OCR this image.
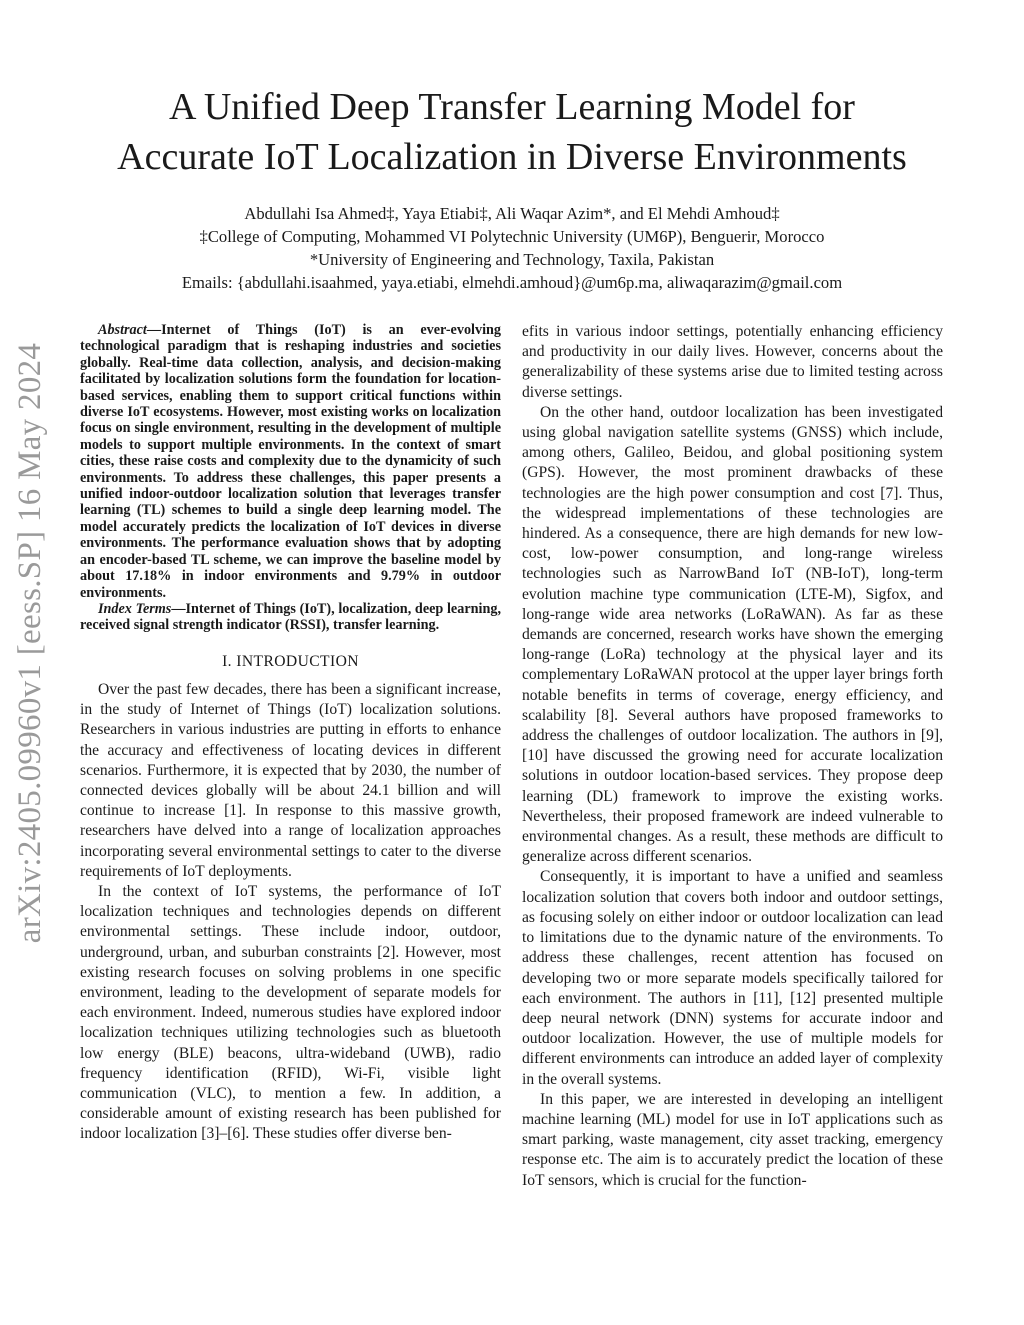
arXiv:2405.09960v1 [eess.SP] 16 May 2024
A Unified Deep Transfer Learning Model for
Accurate IoT Localization in Diverse Environments
Abdullahi Isa Ahmed‡, Yaya Etiabi‡, Ali Waqar Azim*, and El Mehdi Amhoud‡
‡College of Computing, Mohammed VI Polytechnic University (UM6P), Benguerir, Morocco
*University of Engineering and Technology, Taxila, Pakistan
Emails: {abdullahi.isaahmed, yaya.etiabi, elmehdi.amhoud}@um6p.ma, aliwaqarazim@gmail.com

Abstract—Internet of Things (IoT) is an ever-evolving technological paradigm that is reshaping industries and societies globally. Real-time data collection, analysis, and decision-making facilitated by localization solutions form the foundation for location-based services, enabling them to support critical functions within diverse IoT ecosystems. However, most existing works on localization focus on single environment, resulting in the development of multiple models to support multiple environments. In the context of smart cities, these raise costs and complexity due to the dynamicity of such environments. To address these challenges, this paper presents a unified indoor-outdoor localization solution that leverages transfer learning (TL) schemes to build a single deep learning model. The model accurately predicts the localization of IoT devices in diverse environments. The performance evaluation shows that by adopting an encoder-based TL scheme, we can improve the baseline model by about 17.18% in indoor environments and 9.79% in outdoor environments.

Index Terms—Internet of Things (IoT), localization, deep learning, received signal strength indicator (RSSI), transfer learning.

I. INTRODUCTION

Over the past few decades, there has been a significant increase, in the study of Internet of Things (IoT) localization solutions. Researchers in various industries are putting in efforts to enhance the accuracy and effectiveness of locating devices in different scenarios. Furthermore, it is expected that by 2030, the number of connected devices globally will be about 24.1 billion and will continue to increase [1]. In response to this massive growth, researchers have delved into a range of localization approaches incorporating several environmental settings to cater to the diverse requirements of IoT deployments.

In the context of IoT systems, the performance of IoT localization techniques and technologies depends on different environmental settings. These include indoor, outdoor, underground, urban, and suburban constraints [2]. However, most existing research focuses on solving problems in one specific environment, leading to the development of separate models for each environment. Indeed, numerous studies have explored indoor localization techniques utilizing technologies such as bluetooth low energy (BLE) beacons, ultra-wideband (UWB), radio frequency identification (RFID), Wi-Fi, visible light communication (VLC), to mention a few. In addition, a considerable amount of existing research has been published for indoor localization [3]–[6]. These studies offer diverse ben-

efits in various indoor settings, potentially enhancing efficiency and productivity in our daily lives. However, concerns about the generalizability of these systems arise due to limited testing across diverse settings.

On the other hand, outdoor localization has been investigated using global navigation satellite systems (GNSS) which include, among others, Galileo, Beidou, and global positioning system (GPS). However, the most prominent drawbacks of these technologies are the high power consumption and cost [7]. Thus, the widespread implementations of these technologies are hindered. As a consequence, there are high demands for new low-cost, low-power consumption, and long-range wireless technologies such as NarrowBand IoT (NB-IoT), long-term evolution machine type communication (LTE-M), Sigfox, and long-range wide area networks (LoRaWAN). As far as these demands are concerned, research works have shown the emerging long-range (LoRa) technology at the physical layer and its complementary LoRaWAN protocol at the upper layer brings forth notable benefits in terms of coverage, energy efficiency, and scalability [8]. Several authors have proposed frameworks to address the challenges of outdoor localization. The authors in [9], [10] have discussed the growing need for accurate localization solutions in outdoor location-based services. They propose deep learning (DL) framework to improve the existing works. Nevertheless, their proposed framework are indeed vulnerable to environmental changes. As a result, these methods are difficult to generalize across different scenarios.

Consequently, it is important to have a unified and seamless localization solution that covers both indoor and outdoor settings, as focusing solely on either indoor or outdoor localization can lead to limitations due to the dynamic nature of the environments. To address these challenges, recent attention has focused on developing two or more separate models specifically tailored for each environment. The authors in [11], [12] presented multiple deep neural network (DNN) systems for accurate indoor and outdoor localization. However, the use of multiple models for different environments can introduce an added layer of complexity in the overall systems.

In this paper, we are interested in developing an intelligent machine learning (ML) model for use in IoT applications such as smart parking, waste management, city asset tracking, emergency response etc. The aim is to accurately predict the location of these IoT sensors, which is crucial for the function-
